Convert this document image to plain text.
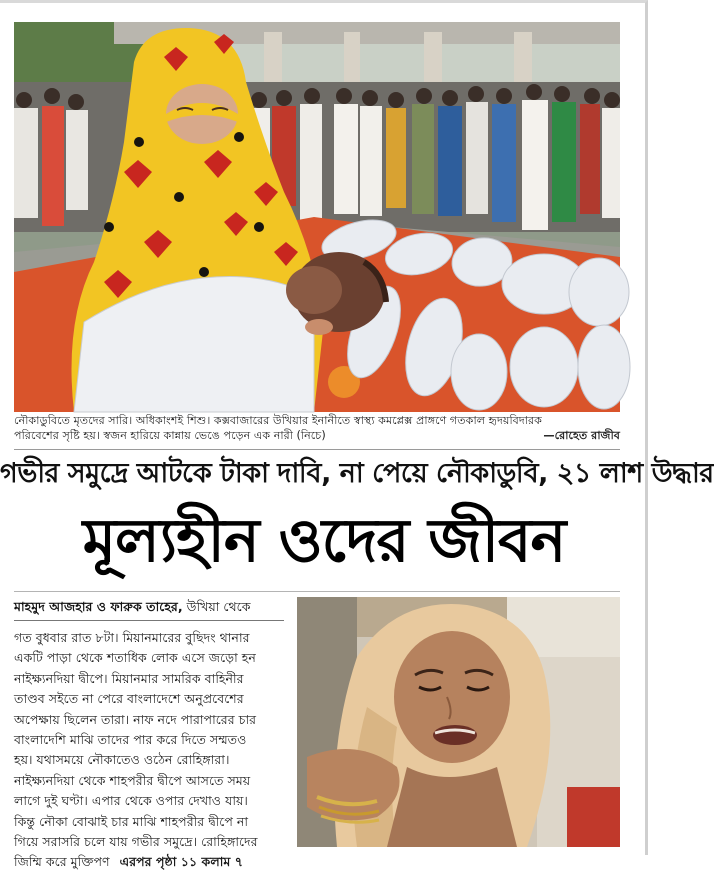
নৌকাডুবিতে মৃতদের সারি। অধিকাংশই শিশু। কক্সবাজারের উখিয়ার ইনানীতে স্বাস্থ্য কমপ্লেক্স প্রাঙ্গণে গতকাল হৃদয়বিদারক
পরিবেশের সৃষ্টি হয়। স্বজন হারিয়ে কান্নায় ভেঙে পড়েন এক নারী (নিচে)	—রোহেত রাজীব
গভীর সমুদ্রে আটকে টাকা দাবি, না পেয়ে নৌকাডুবি, ২১ লাশ উদ্ধার
মূল্যহীন ওদের জীবন
মাহমুদ আজহার ও ফারুক তাহের, উখিয়া থেকে
গত বুধবার রাত ৮টা। মিয়ানমারের বুছিদং থানার
একটি পাড়া থেকে শতাধিক লোক এসে জড়ো হন
নাইক্ষ্যনদিয়া দ্বীপে। মিয়ানমার সামরিক বাহিনীর
তাণ্ডব সইতে না পেরে বাংলাদেশে অনুপ্রবেশের
অপেক্ষায় ছিলেন তারা। নাফ নদে পারাপারের চার
বাংলাদেশি মাঝি তাদের পার করে দিতে সম্মতও
হয়। যথাসময়ে নৌকাতেও ওঠেন রোহিঙ্গারা।
নাইক্ষ্যনদিয়া থেকে শাহপরীর দ্বীপে আসতে সময়
লাগে দুই ঘণ্টা। এপার থেকে ওপার দেখাও যায়।
কিন্তু নৌকা বোঝাই চার মাঝি শাহপরীর দ্বীপে না
গিয়ে সরাসরি চলে যায় গভীর সমুদ্রে। রোহিঙ্গাদের
জিম্মি করে মুক্তিপণ এরপর পৃষ্ঠা ১১ কলাম ৭
